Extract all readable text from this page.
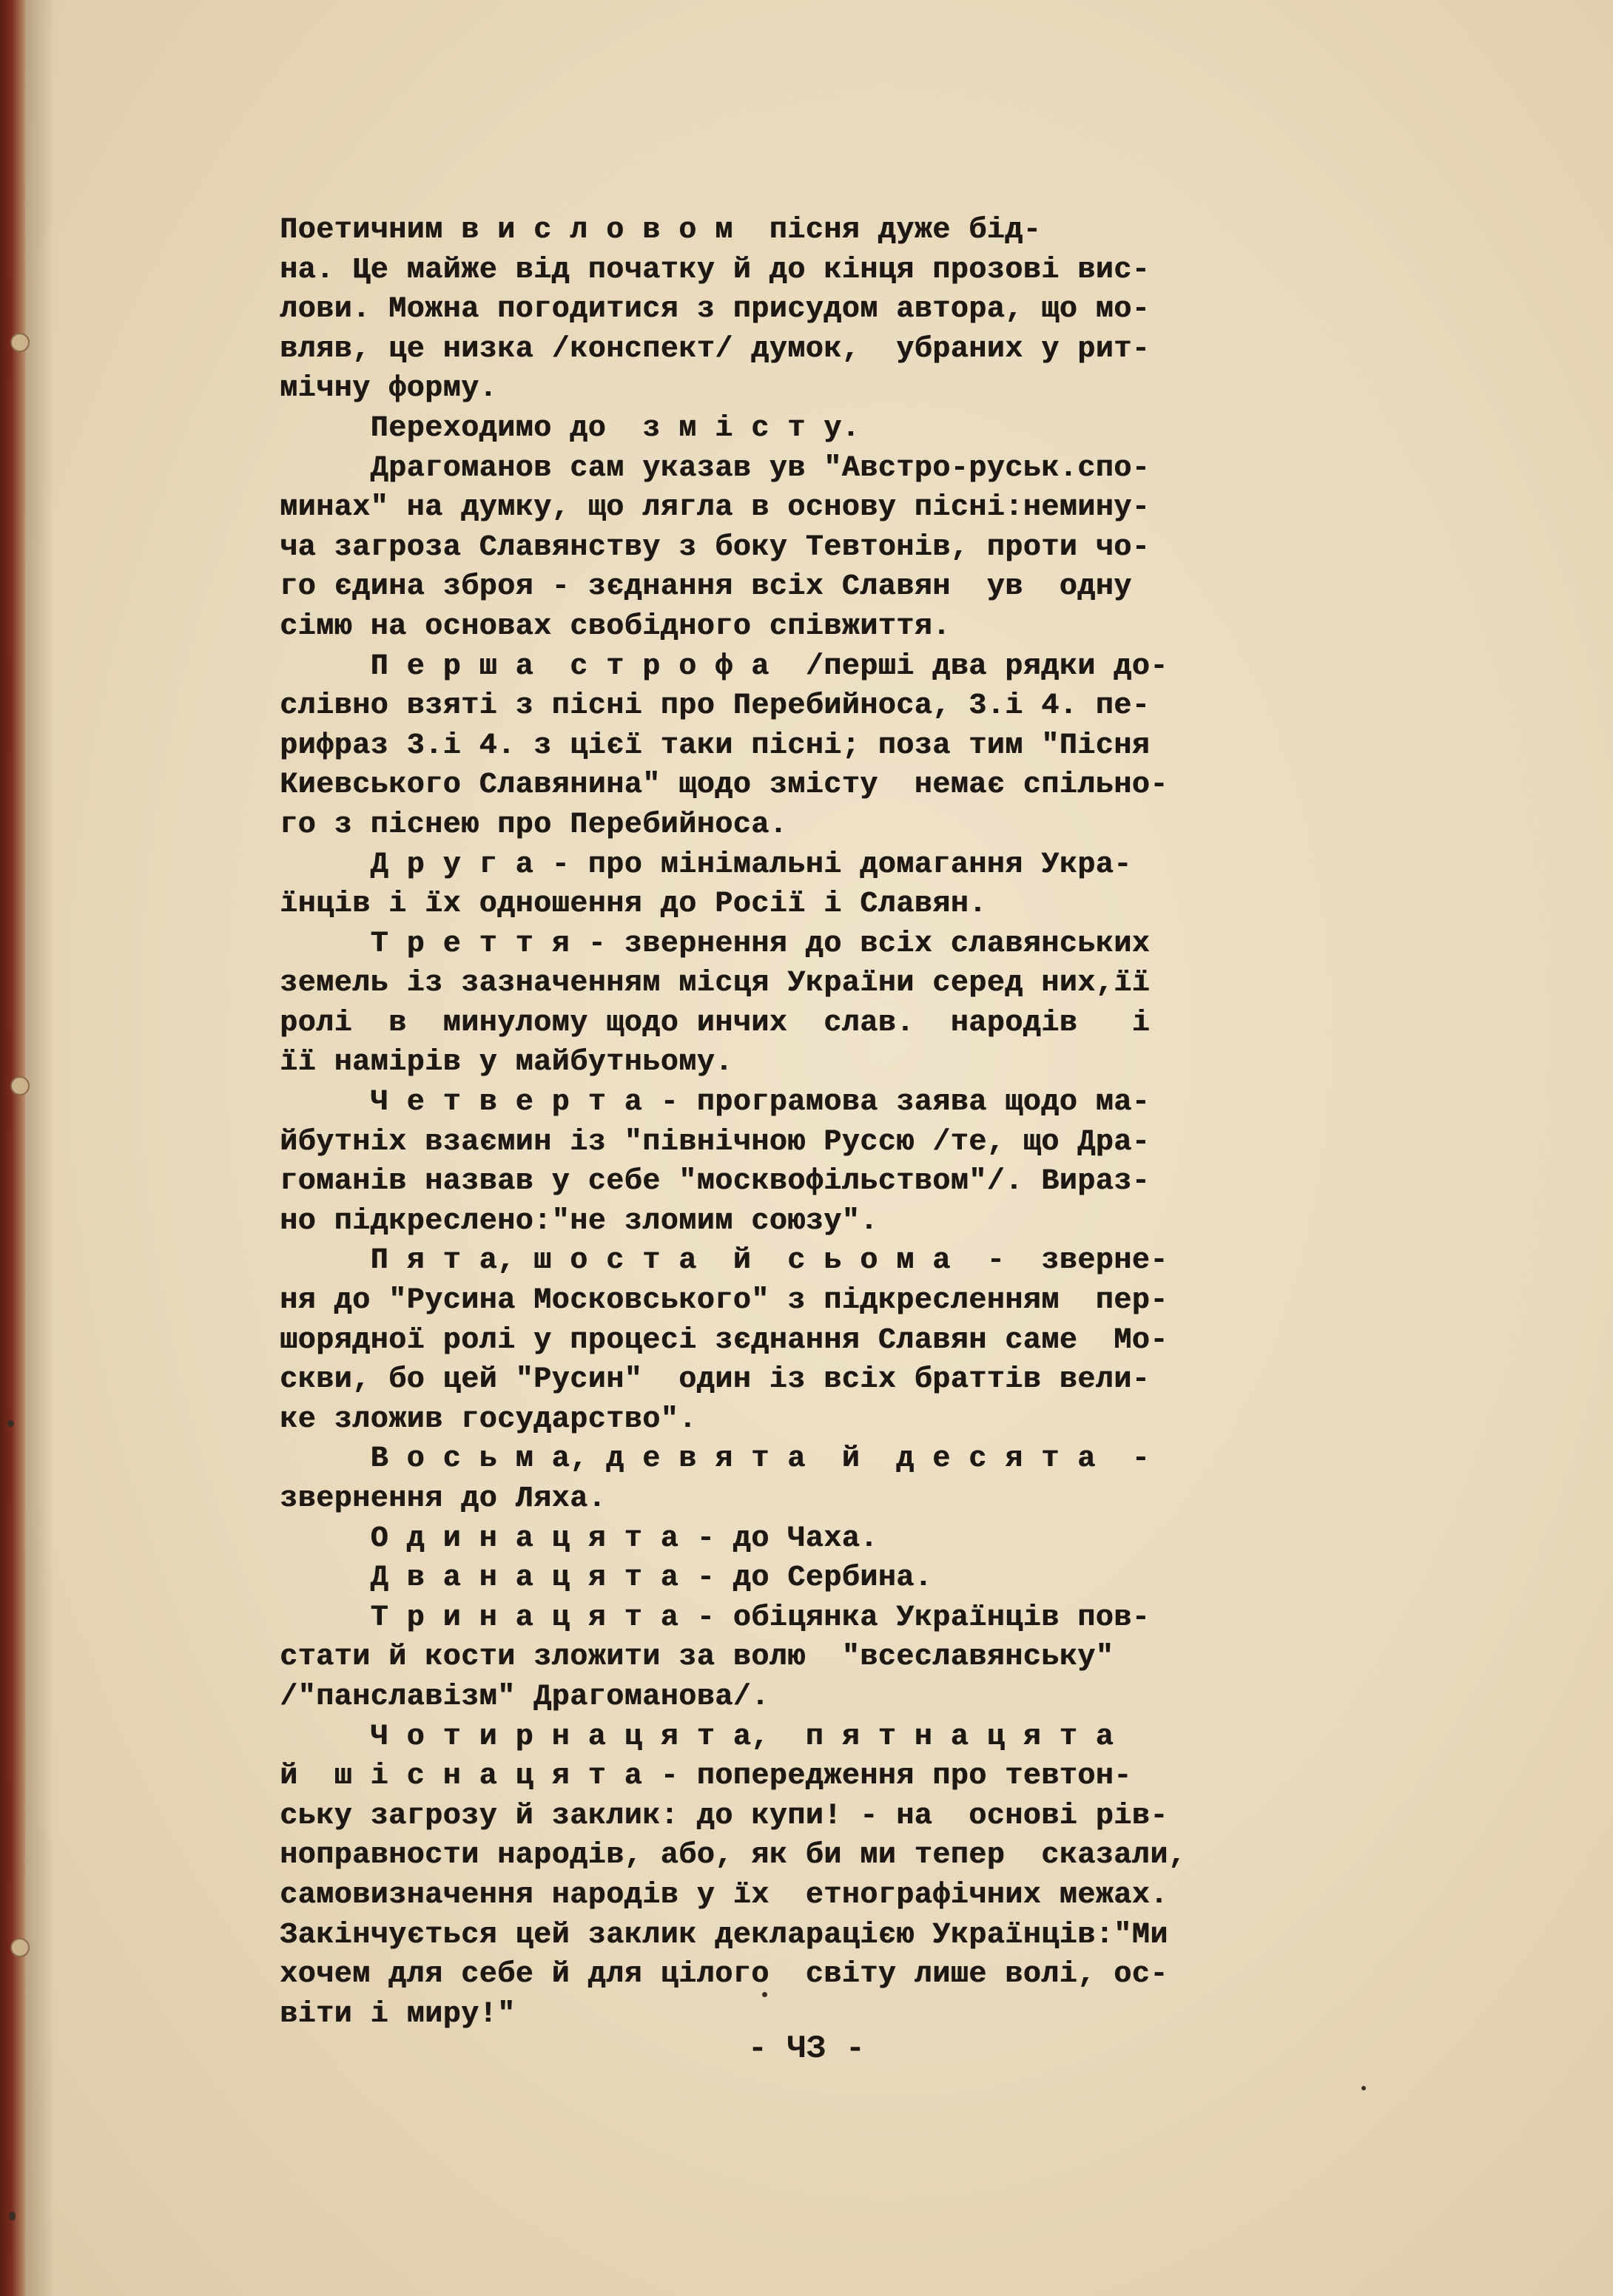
Поетичним в и с л о в о м  пісня дуже бід-
на. Це майже від початку й до кінця прозові вис-
лови. Можна погодитися з присудом автора, що мо-
вляв, це низка /конспект/ думок,  убраних у рит-
мічну форму.
Переходимо до  з м і с т у.
Драгоманов сам указав ув "Австро-руськ.спо-
минах" на думку, що лягла в основу пісні:немину-
ча загроза Славянству з боку Тевтонів, проти чо-
го єдина зброя - зєднання всіх Славян  ув  одну
сімю на основах свобідного співжиття.
П е р ш а  с т р о ф а  /перші два рядки до-
слівно взяті з пісні про Перебийноса, 3.і 4. пе-
рифраз 3.і 4. з цієї таки пісні; поза тим "Пісня
Киевського Славянина" щодо змісту  немає спільно-
го з піснею про Перебийноса.
Д р у г а - про мінімальні домагання Укра-
їнців і їх одношення до Росії і Славян.
Т р е т т я - звернення до всіх славянських
земель із зазначенням місця України серед них,її
ролі  в  минулому щодо инчих  слав.  народів   і
її намірів у майбутньому.
Ч е т в е р т а - програмова заява щодо ма-
йбутніх взаємин із "північною Руссю /те, що Дра-
гоманів назвав у себе "москвофільством"/. Вираз-
но підкреслено:"не зломим союзу".
П я т а, ш о с т а  й  с ь о м а  -  зверне-
ня до "Русина Московського" з підкресленням  пер-
шорядної ролі у процесі зєднання Славян саме  Мо-
скви, бо цей "Русин"  один із всіх браттів вели-
ке зложив государство".
В о с ь м а, д е в я т а  й  д е с я т а  -
звернення до Ляха.
О д и н а ц я т а - до Чаха.
Д в а н а ц я т а - до Сербина.
Т р и н а ц я т а - обіцянка Українців пов-
стати й кости зложити за волю  "всеславянську"
/"панславізм" Драгоманова/.
Ч о т и р н а ц я т а,  п я т н а ц я т а
й  ш і с н а ц я т а - попередження про тевтон-
ську загрозу й заклик: до купи! - на  основі рів-
ноправности народів, або, як би ми тепер  сказали,
самовизначення народів у їх  етнографічних межах.
Закінчується цей заклик декларацією Українців:"Ми
хочем для себе й для цілого  світу лише волі, ос-
віти і миру!"
- ЧЗ -
